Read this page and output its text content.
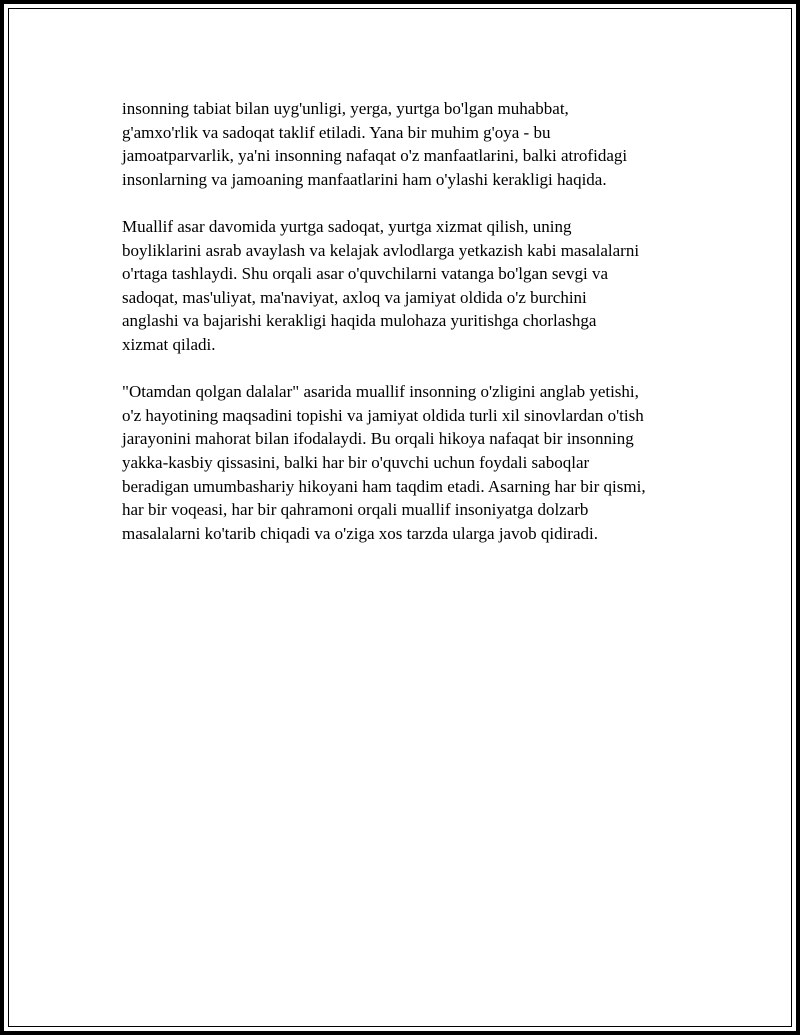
insonning tabiat bilan uyg'unligi, yerga, yurtga bo'lgan muhabbat,
g'amxo'rlik va sadoqat taklif etiladi. Yana bir muhim g'oya - bu
jamoatparvarlik, ya'ni insonning nafaqat o'z manfaatlarini, balki atrofidagi
insonlarning va jamoaning manfaatlarini ham o'ylashi kerakligi haqida.

Muallif asar davomida yurtga sadoqat, yurtga xizmat qilish, uning
boyliklarini asrab avaylash va kelajak avlodlarga yetkazish kabi masalalarni
o'rtaga tashlaydi. Shu orqali asar o'quvchilarni vatanga bo'lgan sevgi va
sadoqat, mas'uliyat, ma'naviyat, axloq va jamiyat oldida o'z burchini
anglashi va bajarishi kerakligi haqida mulohaza yuritishga chorlashga
xizmat qiladi.

"Otamdan qolgan dalalar" asarida muallif insonning o'zligini anglab yetishi,
o'z hayotining maqsadini topishi va jamiyat oldida turli xil sinovlardan o'tish
jarayonini mahorat bilan ifodalaydi. Bu orqali hikoya nafaqat bir insonning
yakka-kasbiy qissasini, balki har bir o'quvchi uchun foydali saboqlar
beradigan umumbashariy hikoyani ham taqdim etadi. Asarning har bir qismi,
har bir voqeasi, har bir qahramoni orqali muallif insoniyatga dolzarb
masalalarni ko'tarib chiqadi va o'ziga xos tarzda ularga javob qidiradi.
